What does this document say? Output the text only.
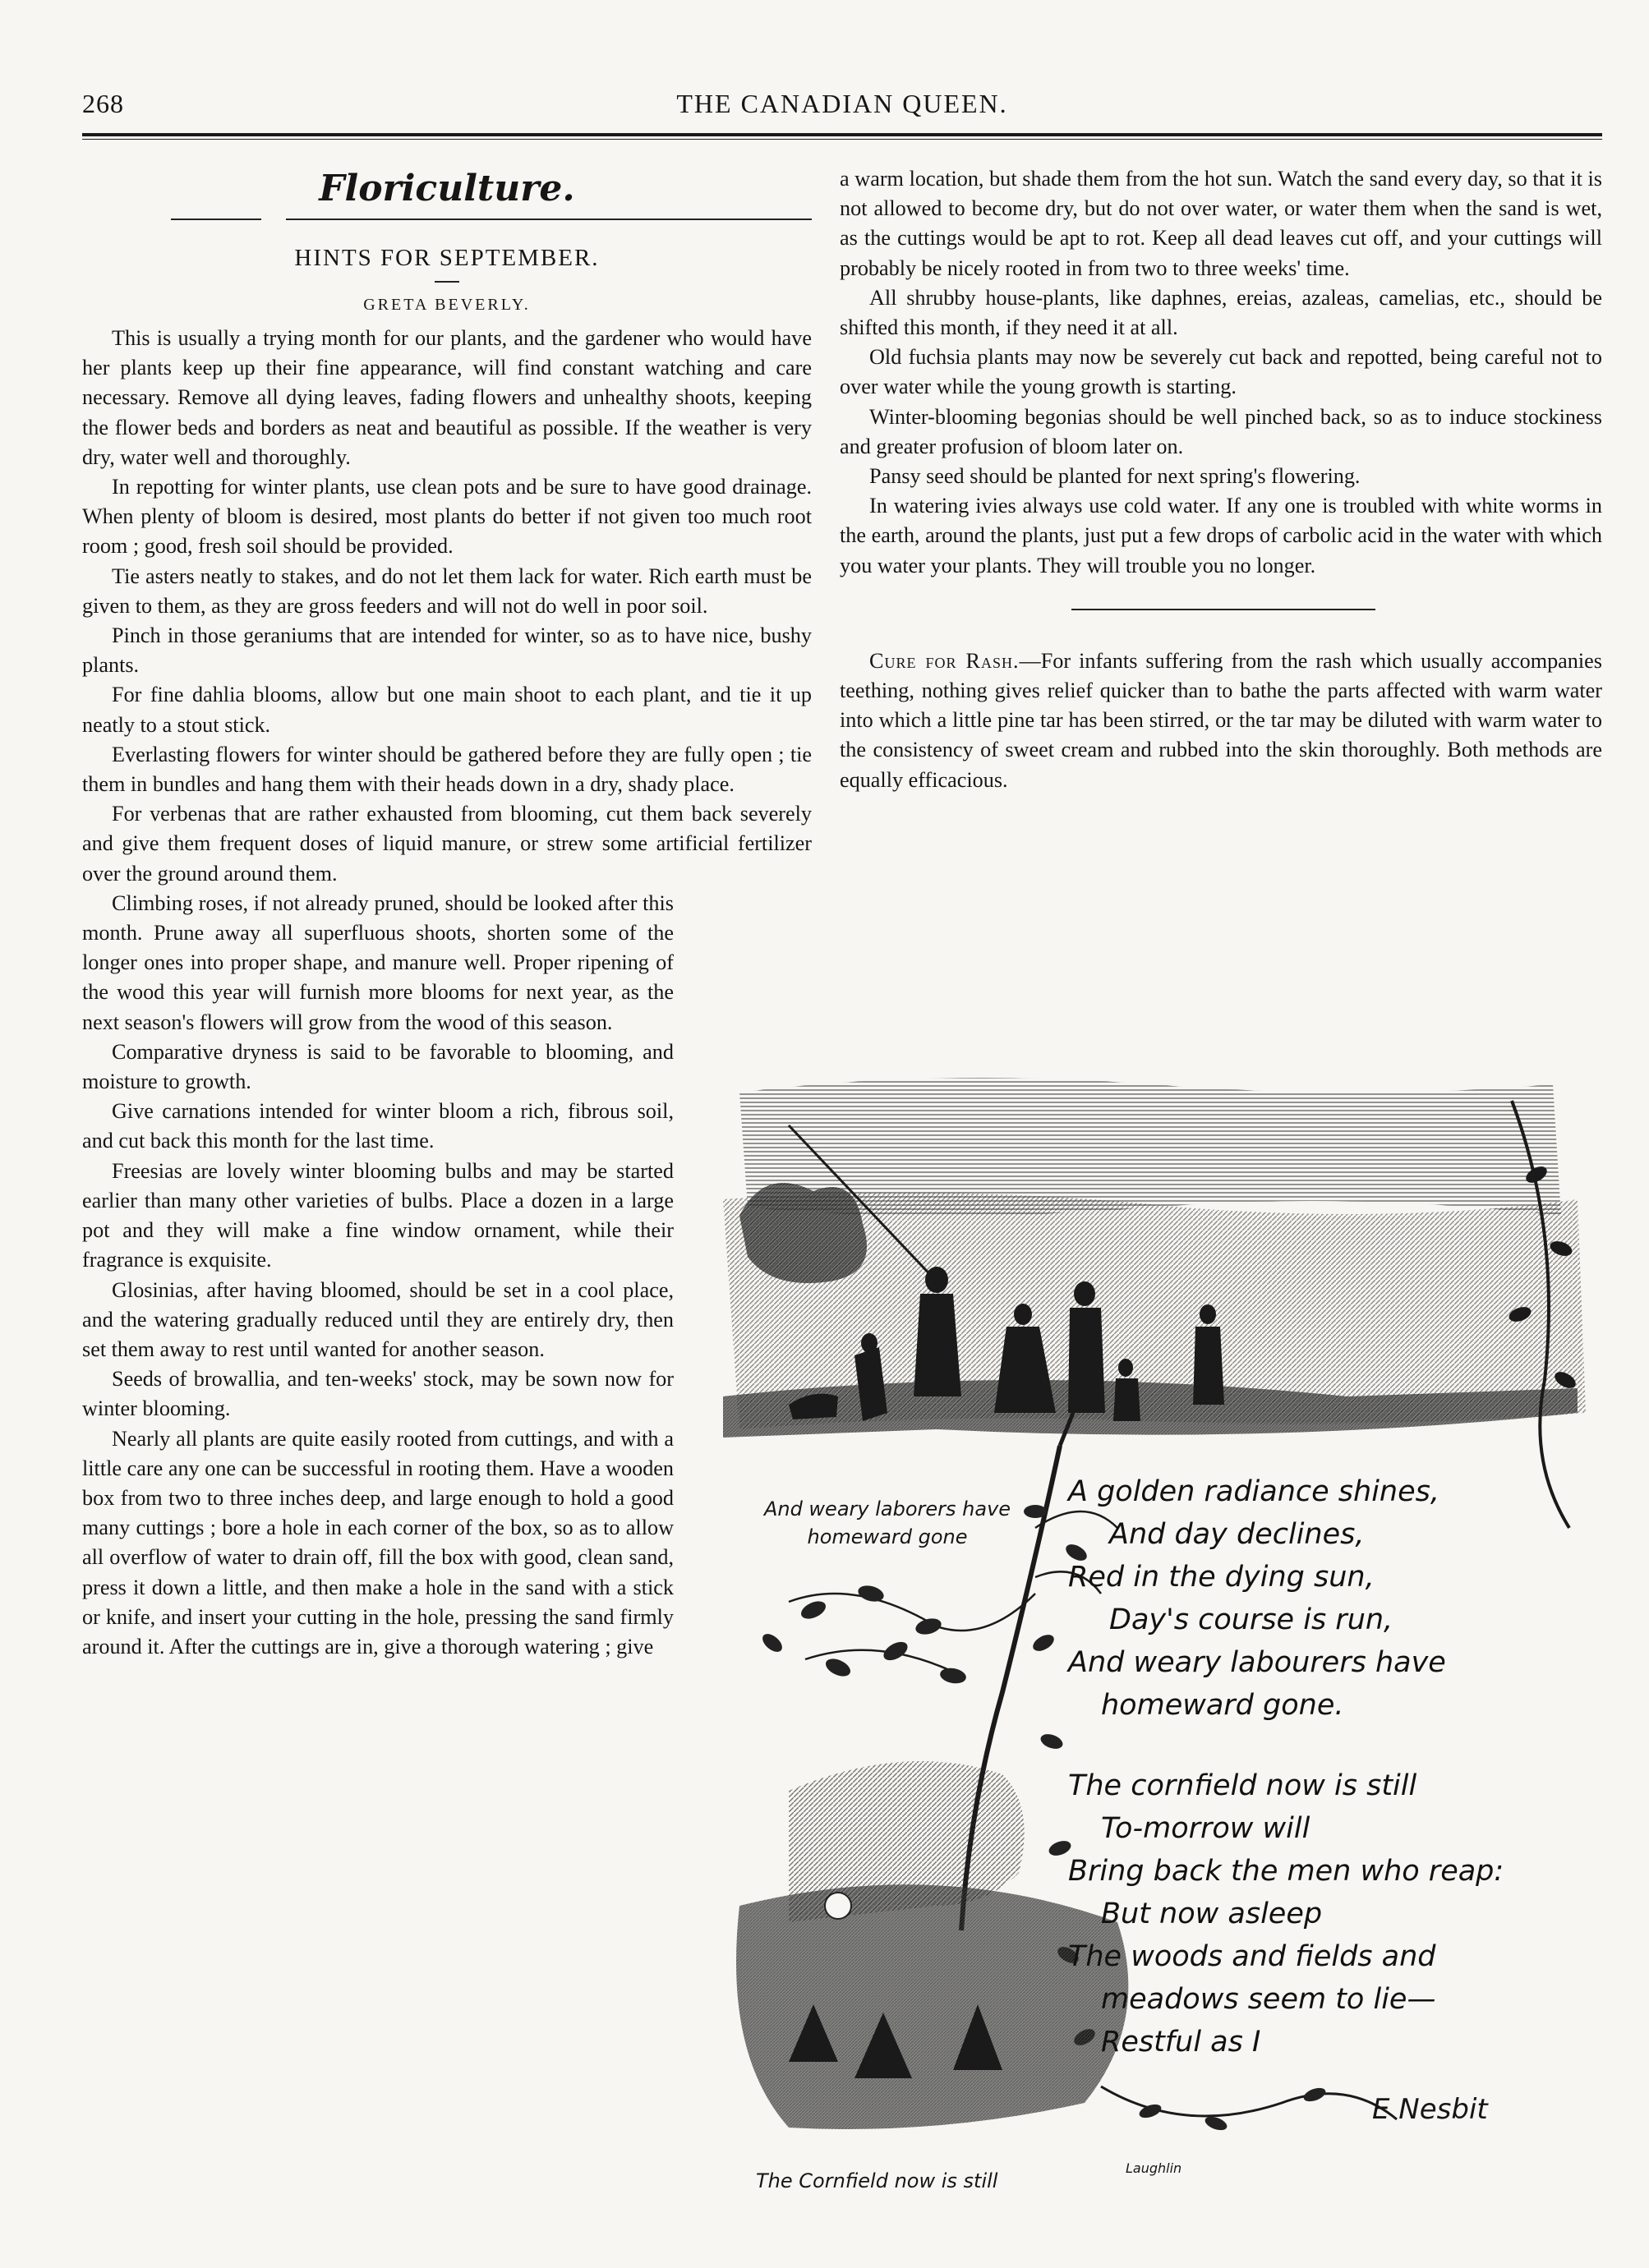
268	THE CANADIAN QUEEN.
Floriculture.
HINTS FOR SEPTEMBER.
GRETA BEVERLY.

This is usually a trying month for our plants, and the gardener who would have her plants keep up their fine appearance, will find constant watching and care necessary. Remove all dying leaves, fading flowers and unhealthy shoots, keeping the flower beds and borders as neat and beautiful as possible. If the weather is very dry, water well and thoroughly.

In repotting for winter plants, use clean pots and be sure to have good drainage. When plenty of bloom is desired, most plants do better if not given too much root room ; good, fresh soil should be provided.

Tie asters neatly to stakes, and do not let them lack for water. Rich earth must be given to them, as they are gross feeders and will not do well in poor soil.

Pinch in those geraniums that are intended for winter, so as to have nice, bushy plants.

For fine dahlia blooms, allow but one main shoot to each plant, and tie it up neatly to a stout stick.

Everlasting flowers for winter should be gathered before they are fully open ; tie them in bundles and hang them with their heads down in a dry, shady place.

For verbenas that are rather exhausted from blooming, cut them back severely and give them frequent doses of liquid manure, or strew some artificial fertilizer over the ground around them.

Climbing roses, if not already pruned, should be looked after this month. Prune away all superfluous shoots, shorten some of the longer ones into proper shape, and manure well. Proper ripening of the wood this year will furnish more blooms for next year, as the next season's flowers will grow from the wood of this season.

Comparative dryness is said to be favorable to blooming, and moisture to growth.

Give carnations intended for winter bloom a rich, fibrous soil, and cut back this month for the last time.

Freesias are lovely winter blooming bulbs and may be started earlier than many other varieties of bulbs. Place a dozen in a large pot and they will make a fine window ornament, while their fragrance is exquisite.

Glosinias, after having bloomed, should be set in a cool place, and the watering gradually reduced until they are entirely dry, then set them away to rest until wanted for another season.

Seeds of browallia, and ten-weeks' stock, may be sown now for winter blooming.

Nearly all plants are quite easily rooted from cuttings, and with a little care any one can be successful in rooting them. Have a wooden box from two to three inches deep, and large enough to hold a good many cuttings ; bore a hole in each corner of the box, so as to allow all overflow of water to drain off, fill the box with good, clean sand, press it down a little, and then make a hole in the sand with a stick or knife, and insert your cutting in the hole, pressing the sand firmly around it. After the cuttings are in, give a thorough watering ; give

a warm location, but shade them from the hot sun. Watch the sand every day, so that it is not allowed to become dry, but do not over water, or water them when the sand is wet, as the cuttings would be apt to rot. Keep all dead leaves cut off, and your cuttings will probably be nicely rooted in from two to three weeks' time.

All shrubby house-plants, like daphnes, ereias, azaleas, camelias, etc., should be shifted this month, if they need it at all.

Old fuchsia plants may now be severely cut back and repotted, being careful not to over water while the young growth is starting.

Winter-blooming begonias should be well pinched back, so as to induce stockiness and greater profusion of bloom later on.

Pansy seed should be planted for next spring's flowering.

In watering ivies always use cold water. If any one is troubled with white worms in the earth, around the plants, just put a few drops of carbolic acid in the water with which you water your plants. They will trouble you no longer.

Cure for Rash.—For infants suffering from the rash which usually accompanies teething, nothing gives relief quicker than to bathe the parts affected with warm water into which a little pine tar has been stirred, or the tar may be diluted with warm water to the consistency of sweet cream and rubbed into the skin thoroughly. Both methods are equally efficacious.

And weary laborers have homeward gone
A golden radiance shines,
And day declines,
Red in the dying sun,
Day's course is run,
And weary labourers have
homeward gone.
The cornfield now is still
To-morrow will
Bring back the men who reap:
But now asleep
The woods and fields and
meadows seem to lie—
Restful as I
E Nesbit
The Cornfield now is still
Laughlin
